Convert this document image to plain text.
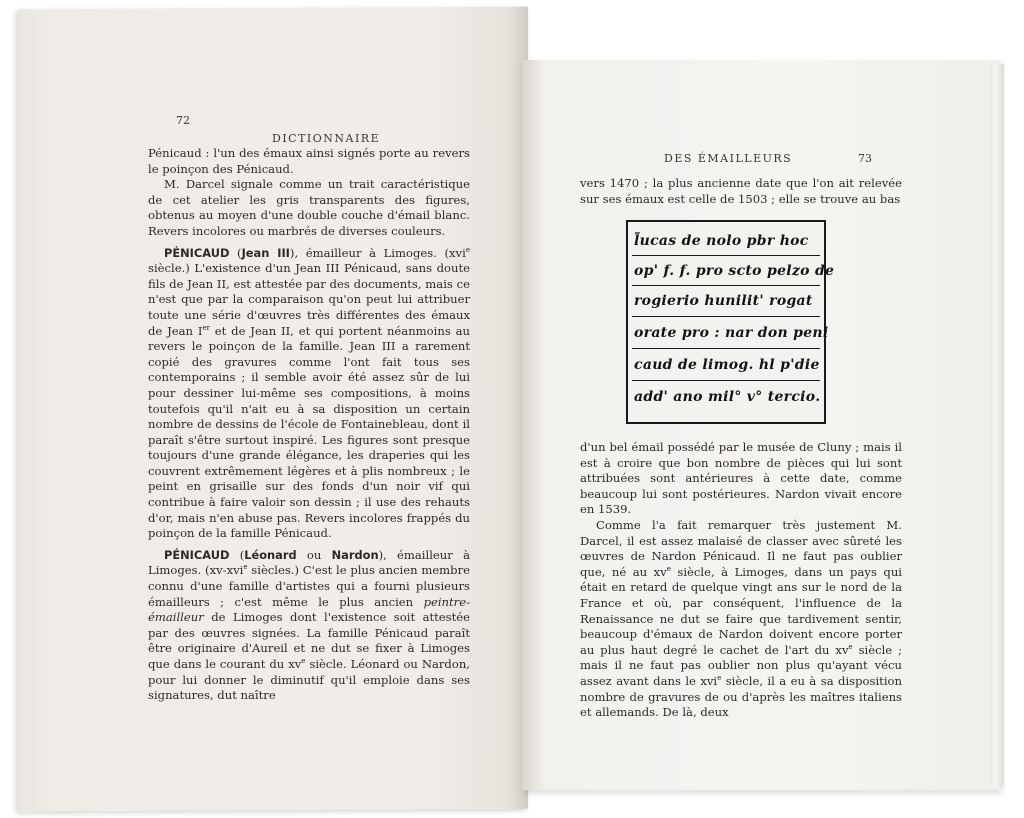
72
DICTIONNAIRE

Pénicaud : l'un des émaux ainsi signés porte au revers le poinçon des Pénicaud.

M. Darcel signale comme un trait caractéristique de cet atelier les gris transparents des figures, obtenus au moyen d'une double couche d'émail blanc. Revers incolores ou marbrés de diverses couleurs.

PÉNICAUD (Jean III), émailleur à Limoges. (xvi$^e$ siècle.) L'existence d'un Jean III Pénicaud, sans doute fils de Jean II, est attestée par des documents, mais ce n'est que par la comparaison qu'on peut lui attribuer toute une série d'œuvres très différentes des émaux de Jean Ier et de Jean II, et qui portent néanmoins au revers le poinçon de la famille. Jean III a rarement copié des gravures comme l'ont fait tous ses contemporains ; il semble avoir été assez sûr de lui pour dessiner lui-même ses compositions, à moins toutefois qu'il n'ait eu à sa disposition un certain nombre de dessins de l'école de Fontainebleau, dont il paraît s'être surtout inspiré. Les figures sont presque toujours d'une grande élégance, les draperies qui les couvrent extrêmement légères et à plis nombreux ; le peint en grisaille sur des fonds d'un noir vif qui contribue à faire valoir son dessin ; il use des rehauts d'or, mais n'en abuse pas. Revers incolores frappés du poinçon de la famille Pénicaud.

PÉNICAUD (Léonard ou Nardon), émailleur à Limoges. (xv-xvi$^e$ siècles.) C'est le plus ancien membre connu d'une famille d'artistes qui a fourni plusieurs émailleurs ; c'est même le plus ancien peintre-émailleur de Limoges dont l'existence soit attestée par des œuvres signées. La famille Pénicaud paraît être originaire d'Aureil et ne dut se fixer à Limoges que dans le courant du $xv^e$ siècle. Léonard ou Nardon, pour lui donner le diminutif qu'il emploie dans ses signatures, dut naître

DES ÉMAILLEURS	73

vers 1470 ; la plus ancienne date que l'on ait relevée sur ses émaux est celle de 1503 ; elle se trouve au bas

l̃ucas de nolo pbr hoc
op' f. f. pro scto pelzo de
rogierio hunilit' rogat
orate pro : nar don peni
caud de limog. hl p'die
add' ano mil° v° tercio.

d'un bel émail possédé par le musée de Cluny ; mais il est à croire que bon nombre de pièces qui lui sont attribuées sont antérieures à cette date, comme beaucoup lui sont postérieures. Nardon vivait encore en 1539.

Comme l'a fait remarquer très justement M. Darcel, il est assez malaisé de classer avec sûreté les œuvres de Nardon Pénicaud. Il ne faut pas oublier que, né au $xv^e$ siècle, à Limoges, dans un pays qui était en retard de quelque vingt ans sur le nord de la France et où, par conséquent, l'influence de la Renaissance ne dut se faire que tardivement sentir, beaucoup d'émaux de Nardon doivent encore porter au plus haut degré le cachet de l'art du $xv^e$ siècle ; mais il ne faut pas oublier non plus qu'ayant vécu assez avant dans le xvi$^e$ siècle, il a eu à sa disposition nombre de gravures de ou d'après les maîtres italiens et allemands. De là, deux
